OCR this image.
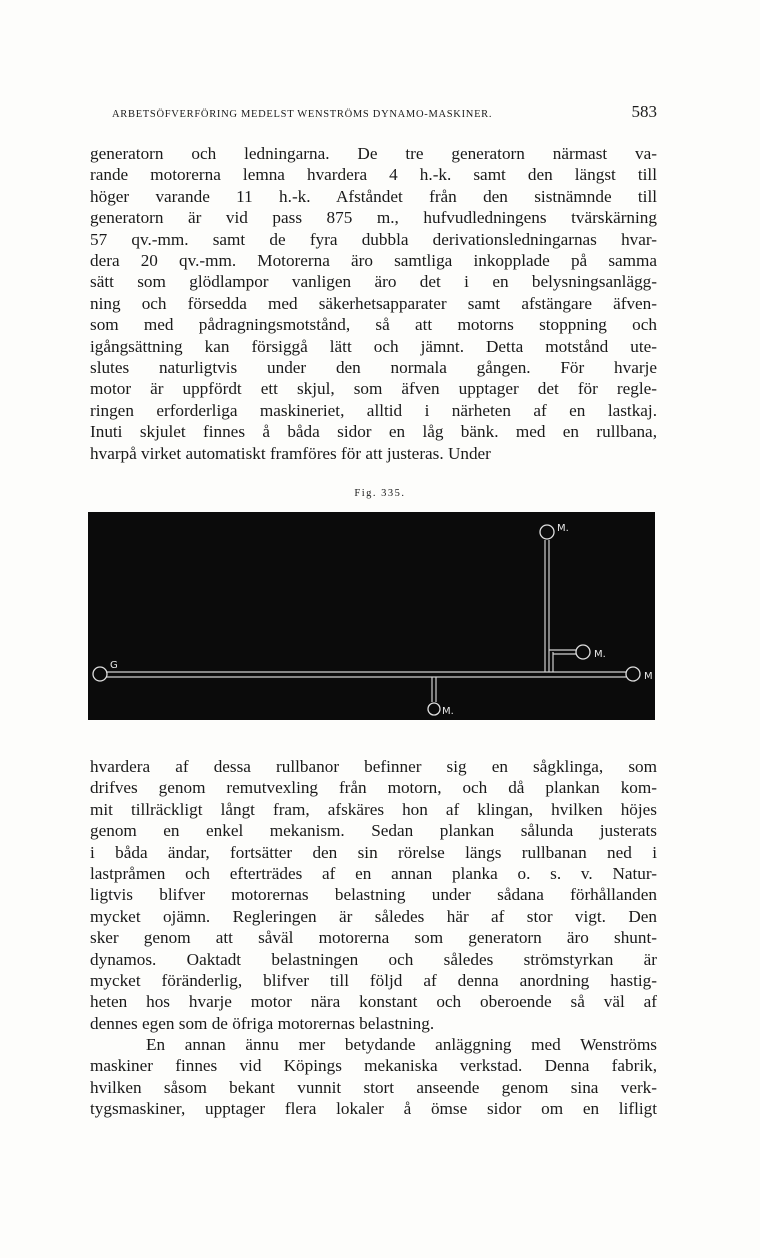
ARBETSÖFVERFÖRING MEDELST WENSTRÖMS DYNAMO-MASKINER.	583
generatorn och ledningarna. De tre generatorn närmast va-
rande motorerna lemna hvardera 4 h.-k. samt den längst till
höger varande 11 h.-k. Afståndet från den sistnämnde till
generatorn är vid pass 875 m., hufvudledningens tvärskärning
57 qv.-mm. samt de fyra dubbla derivationsledningarnas hvar-
dera 20 qv.-mm. Motorerna äro samtliga inkopplade på samma
sätt som glödlampor vanligen äro det i en belysningsanlägg-
ning och försedda med säkerhetsapparater samt afstängare äfven-
som med pådragningsmotstånd, så att motorns stoppning och
igångsättning kan försiggå lätt och jämnt. Detta motstånd ute-
slutes naturligtvis under den normala gången. För hvarje
motor är uppfördt ett skjul, som äfven upptager det för regle-
ringen erforderliga maskineriet, alltid i närheten af en lastkaj.
Inuti skjulet finnes å båda sidor en låg bänk. med en rullbana,
hvarpå virket automatiskt framföres för att justeras. Under
Fig. 335.
G
M.
M.
M
M.
hvardera af dessa rullbanor befinner sig en sågklinga, som
drifves genom remutvexling från motorn, och då plankan kom-
mit tillräckligt långt fram, afskäres hon af klingan, hvilken höjes
genom en enkel mekanism. Sedan plankan sålunda justerats
i båda ändar, fortsätter den sin rörelse längs rullbanan ned i
lastpråmen och efterträdes af en annan planka o. s. v. Natur-
ligtvis blifver motorernas belastning under sådana förhållanden
mycket ojämn. Regleringen är således här af stor vigt. Den
sker genom att såväl motorerna som generatorn äro shunt-
dynamos. Oaktadt belastningen och således strömstyrkan är
mycket föränderlig, blifver till följd af denna anordning hastig-
heten hos hvarje motor nära konstant och oberoende så väl af
dennes egen som de öfriga motorernas belastning.
En annan ännu mer betydande anläggning med Wenströms
maskiner finnes vid Köpings mekaniska verkstad. Denna fabrik,
hvilken såsom bekant vunnit stort anseende genom sina verk-
tygsmaskiner, upptager flera lokaler å ömse sidor om en lifligt
